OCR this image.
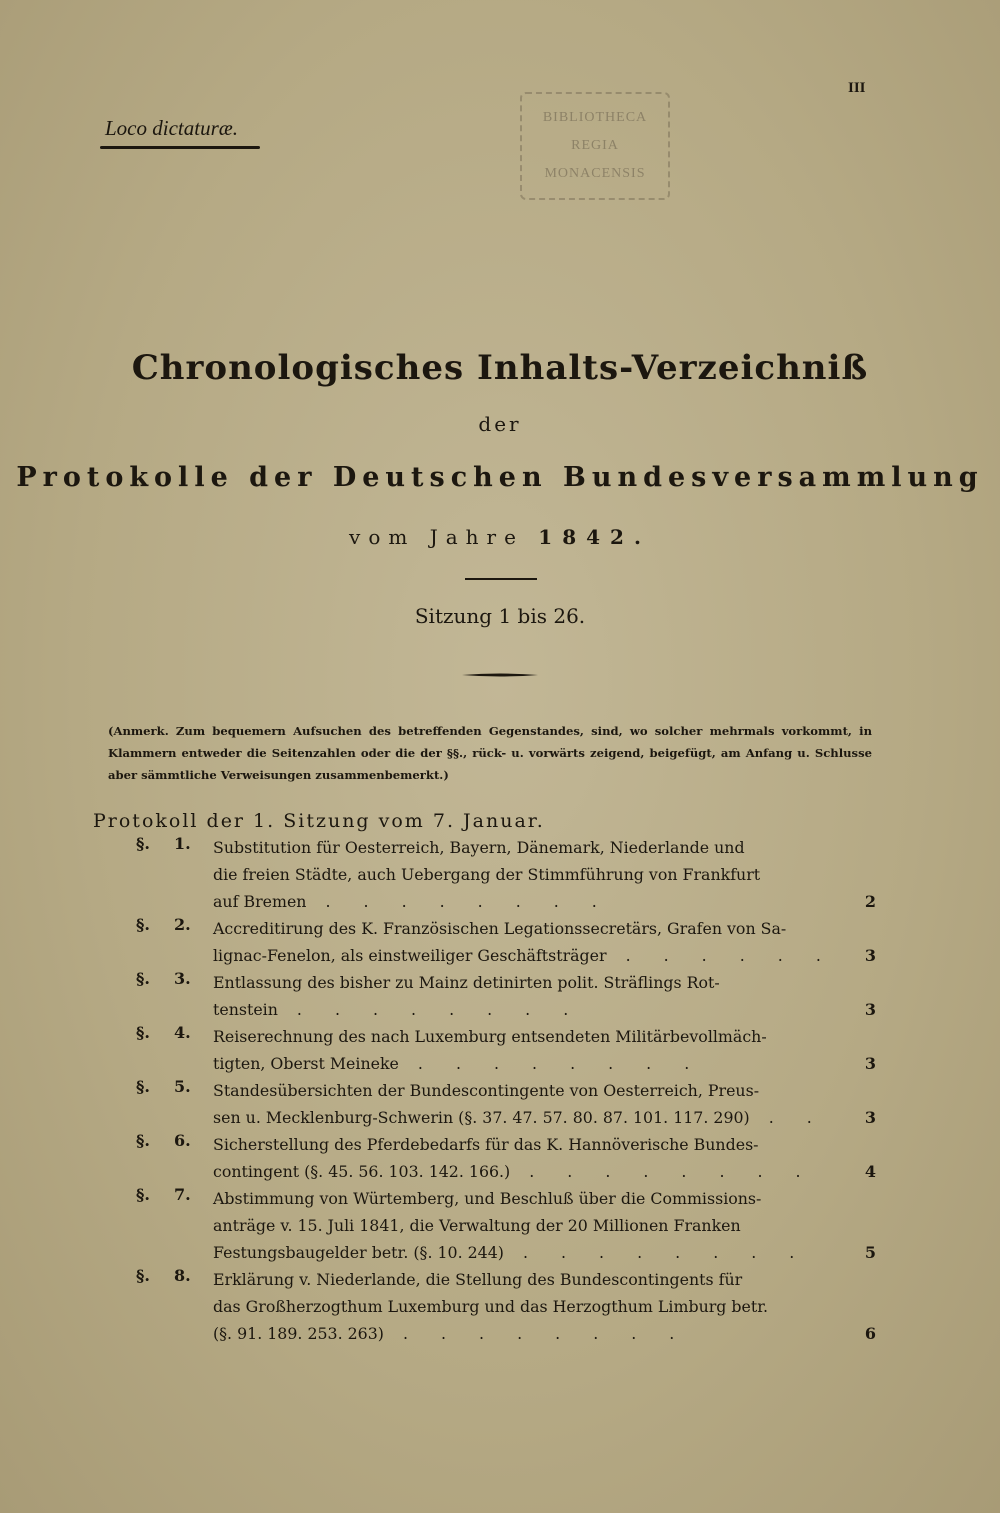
Loco dictaturæ.
III
BIBLIOTHECA
REGIA
MONACENSIS
Chronologisches Inhalts-Verzeichniß
der
Protokolle der Deutschen Bundesversammlung
vom Jahre 1842.
Sitzung 1 bis 26.
(Anmerk. Zum bequemern Aufsuchen des betreffenden Gegenstandes, sind, wo solcher mehrmals vorkommt, in Klammern entweder die Seitenzahlen oder die der §§., rück- u. vorwärts zeigend, beigefügt, am Anfang u. Schlusse aber sämmtliche Verweisungen zusammenbemerkt.)
Protokoll der 1. Sitzung vom 7. Januar.
§. 1. Substitution für Oesterreich, Bayern, Dänemark, Niederlande und
die freien Städte, auch Uebergang der Stimmführung von Frankfurt
auf Bremen . . . . . . . .	2
§. 2. Accreditirung des K. Französischen Legationssecretärs, Grafen von Sa-
lignac-Fenelon, als einstweiliger Geschäftsträger . . . . . . 3
§. 3. Entlassung des bisher zu Mainz detinirten polit. Sträflings Rot-
tenstein . . . . . . . .	3
§. 4. Reiserechnung des nach Luxemburg entsendeten Militärbevollmäch-
tigten, Oberst Meineke . . . . . . . .	3
§. 5. Standesübersichten der Bundescontingente von Oesterreich, Preus-
sen u. Mecklenburg-Schwerin (§. 37. 47. 57. 80. 87. 101. 117. 290) . . 3
§. 6. Sicherstellung des Pferdebedarfs für das K. Hannöverische Bundes-
contingent (§. 45. 56. 103. 142. 166.) . . . . . . . .	4
§. 7. Abstimmung von Würtemberg, und Beschluß über die Commissions-
anträge v. 15. Juli 1841, die Verwaltung der 20 Millionen Franken
Festungsbaugelder betr. (§. 10. 244) . . . . . . . .	5
§. 8. Erklärung v. Niederlande, die Stellung des Bundescontingents für
das Großherzogthum Luxemburg und das Herzogthum Limburg betr.
(§. 91. 189. 253. 263) . . . . . . . .	6
